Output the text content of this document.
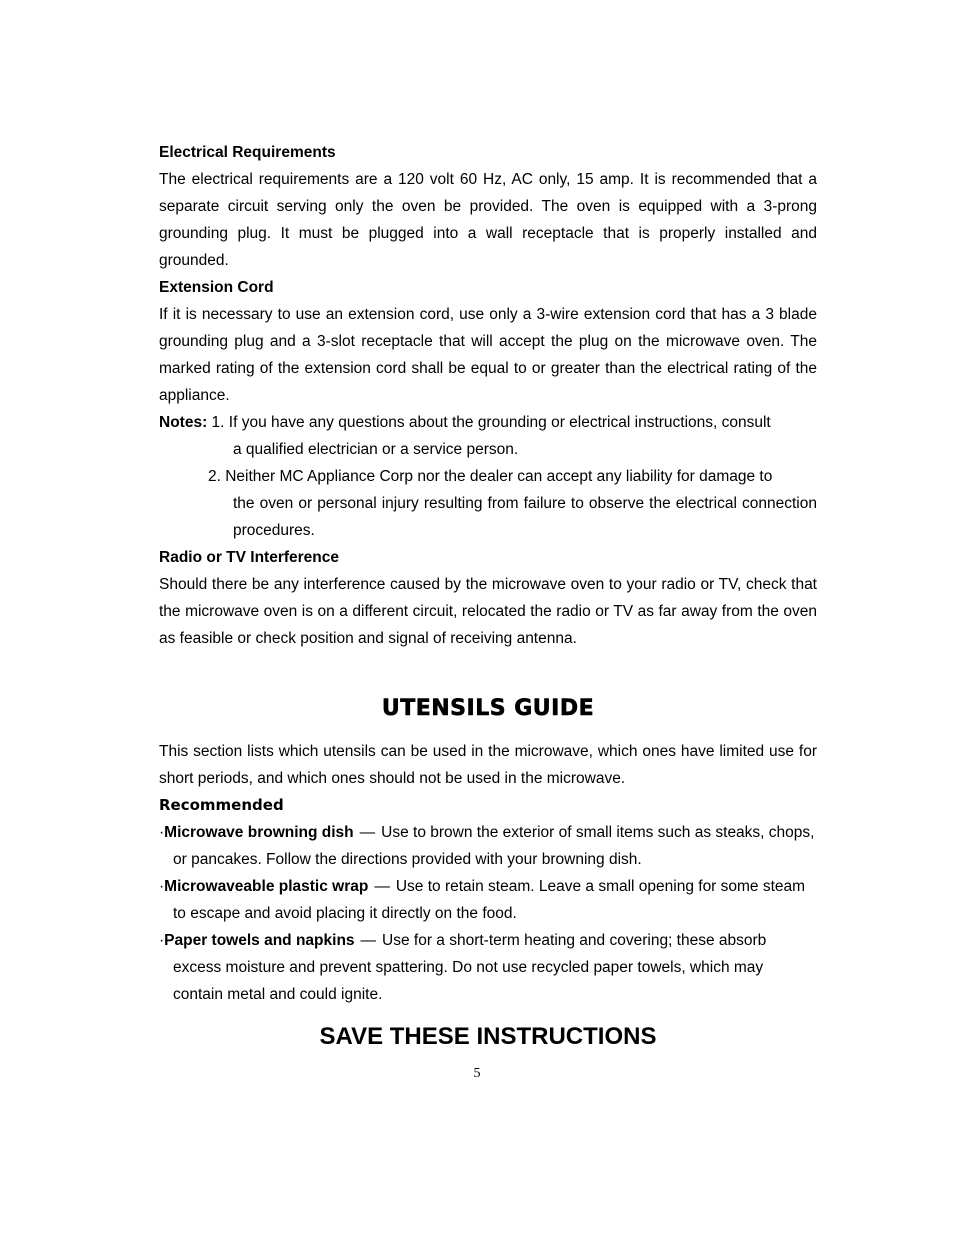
Electrical Requirements

The electrical requirements are a 120 volt 60 Hz, AC only, 15 amp. It is recommended that a separate circuit serving only the oven be provided. The oven is equipped with a 3-prong grounding plug. It must be plugged into a wall receptacle that is properly installed and grounded.

Extension Cord

If it is necessary to use an extension cord, use only a 3-wire extension cord that has a 3 blade grounding plug and a 3-slot receptacle that will accept the plug on the microwave oven. The marked rating of the extension cord shall be equal to or greater than the electrical rating of the appliance.

Notes: 1. If you have any questions about the grounding or electrical instructions, consult

a qualified electrician or a service person.

2. Neither MC Appliance Corp nor the dealer can accept any liability for damage to

the oven or personal injury resulting from failure to observe the electrical connection procedures.

Radio or TV Interference

Should there be any interference caused by the microwave oven to your radio or TV, check that the microwave oven is on a different circuit, relocated the radio or TV as far away from the oven as feasible or check position and signal of receiving antenna.

UTENSILS GUIDE

This section lists which utensils can be used in the microwave, which ones have limited use for short periods, and which ones should not be used in the microwave.

Recommended

·Microwave browning dish — Use to brown the exterior of small items such as steaks, chops, or pancakes. Follow the directions provided with your browning dish.

·Microwaveable plastic wrap — Use to retain steam. Leave a small opening for some steam to escape and avoid placing it directly on the food.

·Paper towels and napkins — Use for a short-term heating and covering; these absorb excess moisture and prevent spattering. Do not use recycled paper towels, which may contain metal and could ignite.

SAVE THESE INSTRUCTIONS

5
